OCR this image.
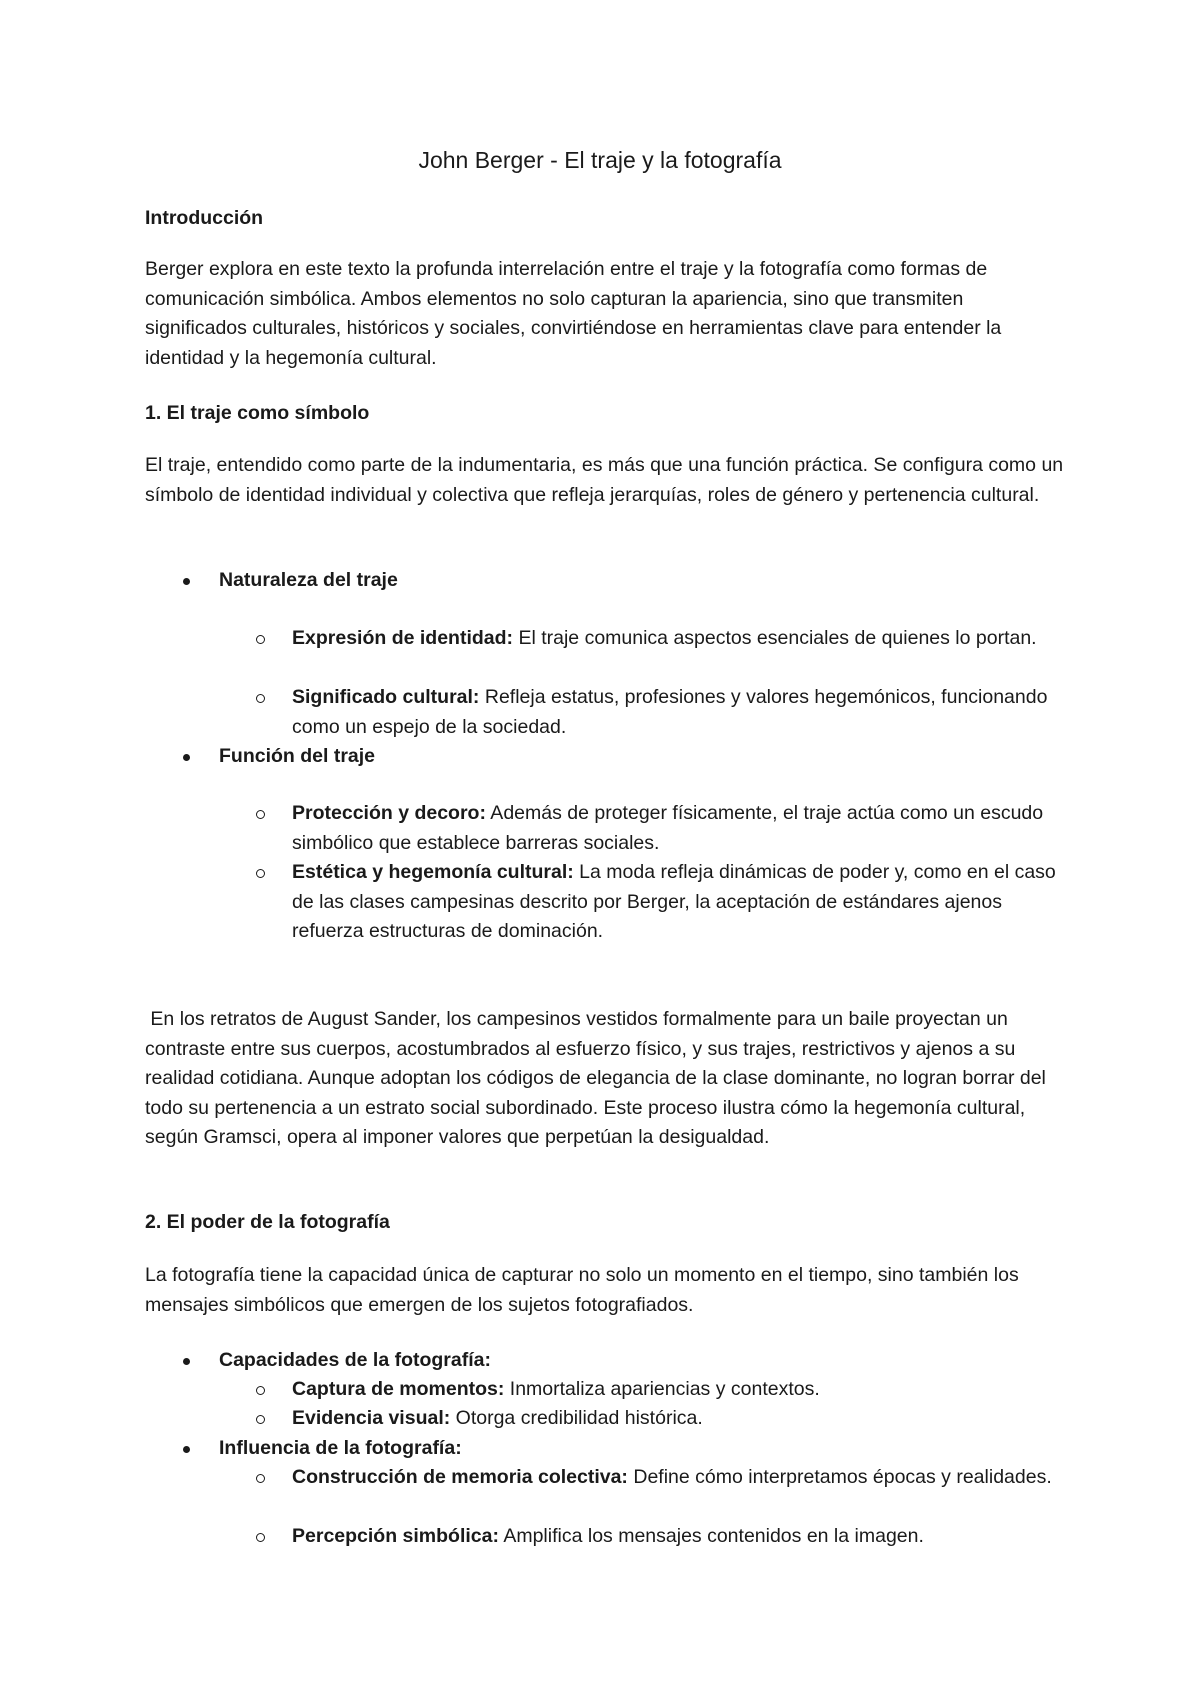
John Berger - El traje y la fotografía
Introducción
Berger explora en este texto la profunda interrelación entre el traje y la fotografía como formas de comunicación simbólica. Ambos elementos no solo capturan la apariencia, sino que transmiten significados culturales, históricos y sociales, convirtiéndose en herramientas clave para entender la identidad y la hegemonía cultural.
1. El traje como símbolo
El traje, entendido como parte de la indumentaria, es más que una función práctica. Se configura como un símbolo de identidad individual y colectiva que refleja jerarquías, roles de género y pertenencia cultural.
Naturaleza del traje
Expresión de identidad: El traje comunica aspectos esenciales de quienes lo portan.
Significado cultural: Refleja estatus, profesiones y valores hegemónicos, funcionando como un espejo de la sociedad.
Función del traje
Protección y decoro: Además de proteger físicamente, el traje actúa como un escudo simbólico que establece barreras sociales.
Estética y hegemonía cultural: La moda refleja dinámicas de poder y, como en el caso de las clases campesinas descrito por Berger, la aceptación de estándares ajenos refuerza estructuras de dominación.
En los retratos de August Sander, los campesinos vestidos formalmente para un baile proyectan un contraste entre sus cuerpos, acostumbrados al esfuerzo físico, y sus trajes, restrictivos y ajenos a su realidad cotidiana. Aunque adoptan los códigos de elegancia de la clase dominante, no logran borrar del todo su pertenencia a un estrato social subordinado. Este proceso ilustra cómo la hegemonía cultural, según Gramsci, opera al imponer valores que perpetúan la desigualdad.
2. El poder de la fotografía
La fotografía tiene la capacidad única de capturar no solo un momento en el tiempo, sino también los mensajes simbólicos que emergen de los sujetos fotografiados.
Capacidades de la fotografía:
Captura de momentos: Inmortaliza apariencias y contextos.
Evidencia visual: Otorga credibilidad histórica.
Influencia de la fotografía:
Construcción de memoria colectiva: Define cómo interpretamos épocas y realidades.
Percepción simbólica: Amplifica los mensajes contenidos en la imagen.
